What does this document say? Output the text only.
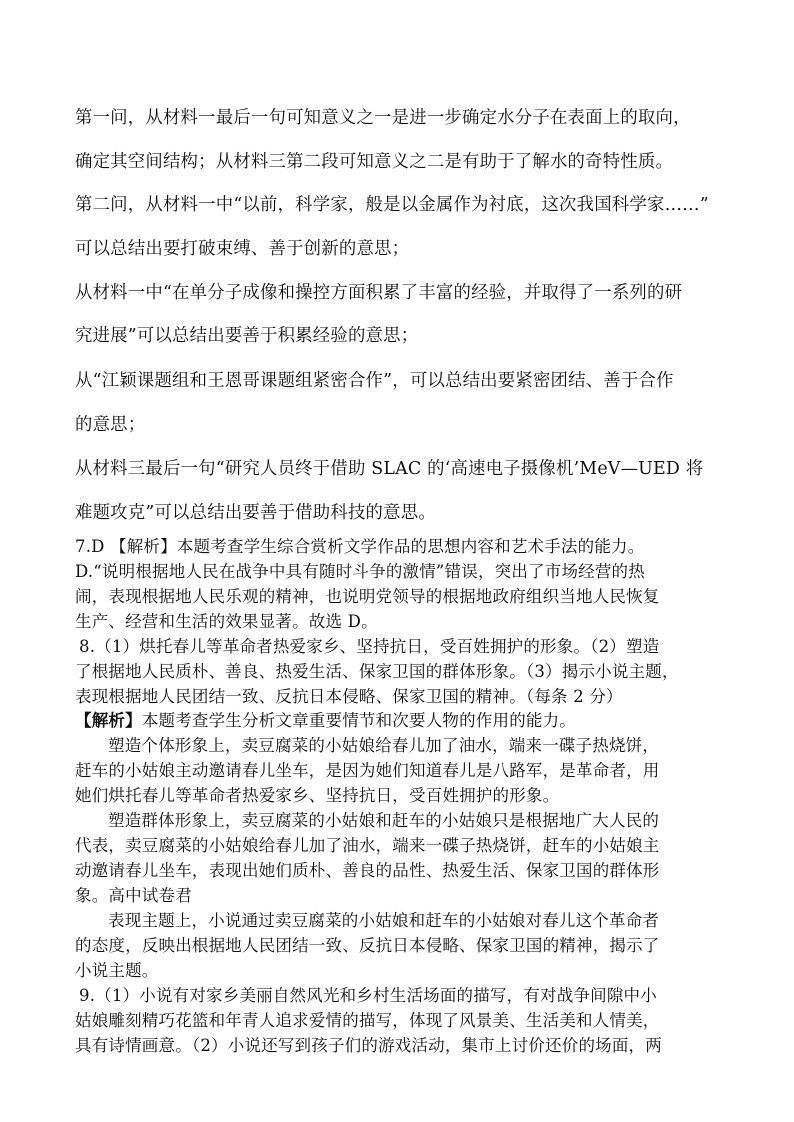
第一问，从材料一最后一句可知意义之一是进一步确定水分子在表面上的取向，
确定其空间结构；从材料三第二段可知意义之二是有助于了解水的奇特性质。
第二问，从材料一中“以前，科学家，般是以金属作为衬底，这次我国科学家……”
可以总结出要打破束缚、善于创新的意思；
从材料一中“在单分子成像和操控方面积累了丰富的经验，并取得了一系列的研
究进展”可以总结出要善于积累经验的意思；
从“江颖课题组和王恩哥课题组紧密合作”，可以总结出要紧密团结、善于合作
的意思；
从材料三最后一句“研究人员终于借助 SLAC 的‘高速电子摄像机’MeV—UED 将
难题攻克”可以总结出要善于借助科技的意思。
7.D 【解析】本题考查学生综合赏析文学作品的思想内容和艺术手法的能力。
D.“说明根据地人民在战争中具有随时斗争的激情”错误，突出了市场经营的热
闹，表现根据地人民乐观的精神，也说明党领导的根据地政府组织当地人民恢复
生产、经营和生活的效果显著。故选 D。
8.（1）烘托春儿等革命者热爱家乡、坚持抗日，受百姓拥护的形象。（2）塑造
了根据地人民质朴、善良、热爱生活、保家卫国的群体形象。（3）揭示小说主题，
表现根据地人民团结一致、反抗日本侵略、保家卫国的精神。（每条 2 分）
【解析】本题考查学生分析文章重要情节和次要人物的作用的能力。
塑造个体形象上，卖豆腐菜的小姑娘给春儿加了油水，端来一碟子热烧饼，
赶车的小姑娘主动邀请春儿坐车，是因为她们知道春儿是八路军，是革命者，用
她们烘托春儿等革命者热爱家乡、坚持抗日，受百姓拥护的形象。
塑造群体形象上，卖豆腐菜的小姑娘和赶车的小姑娘只是根据地广大人民的
代表，卖豆腐菜的小姑娘给春儿加了油水，端来一碟子热烧饼，赶车的小姑娘主
动邀请春儿坐车，表现出她们质朴、善良的品性、热爱生活、保家卫国的群体形
象。高中试卷君
表现主题上，小说通过卖豆腐菜的小姑娘和赶车的小姑娘对春儿这个革命者
的态度，反映出根据地人民团结一致、反抗日本侵略、保家卫国的精神，揭示了
小说主题。
9.（1）小说有对家乡美丽自然风光和乡村生活场面的描写，有对战争间隙中小
姑娘雕刻精巧花篮和年青人追求爱情的描写，体现了风景美、生活美和人情美，
具有诗情画意。（2）小说还写到孩子们的游戏活动，集市上讨价还价的场面，两
